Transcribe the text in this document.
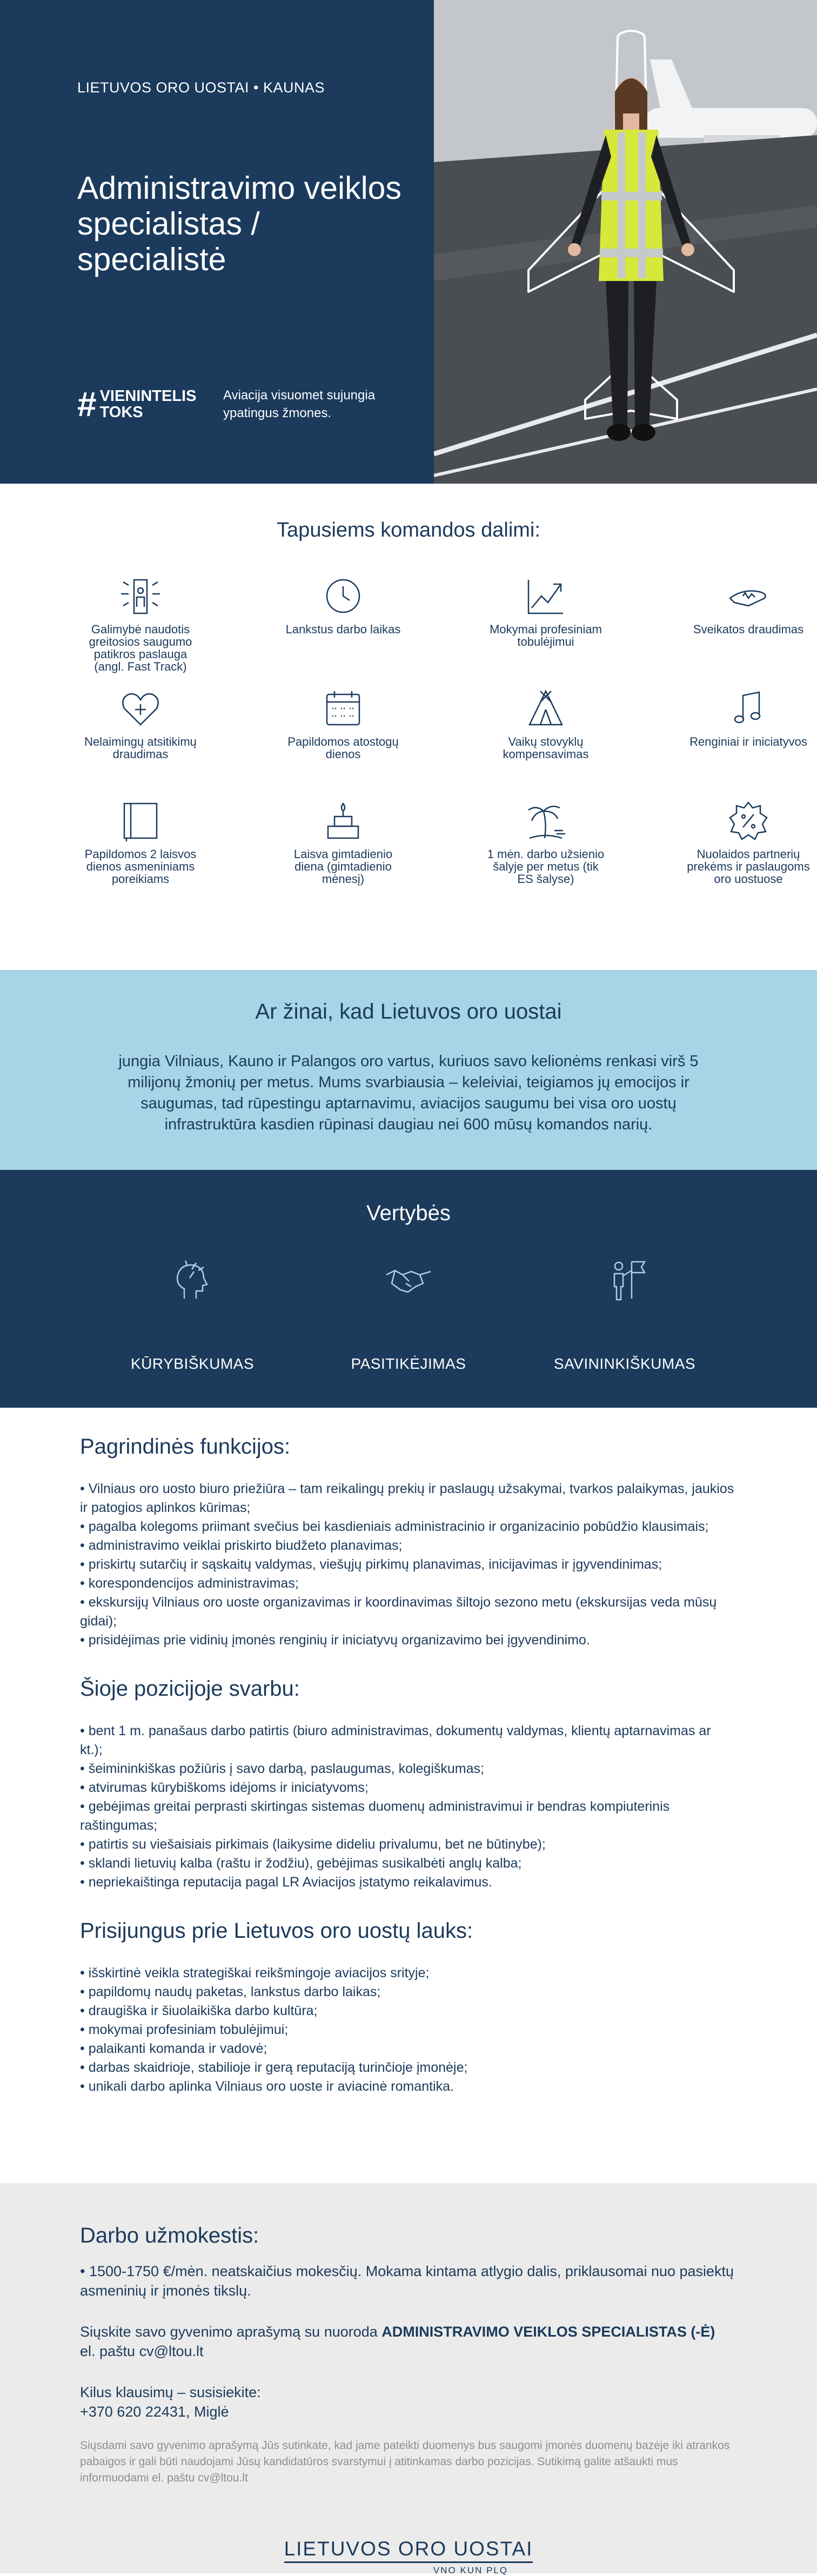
LIETUVOS ORO UOSTAI • KAUNAS
Administravimo veiklos specialistas / specialistė
# VIENINTELIS
TOKS
Aviacija visuomet sujungia ypatingus žmones.
Tapusiems komandos dalimi:
Galimybė naudotis greitosios saugumo patikros paslauga (angl. Fast Track)
Lankstus darbo laikas	Mokymai profesiniam tobulėjimui
Sveikatos draudimas
Nelaimingų atsitikimų draudimas
Papildomos atostogų dienos
Vaikų stovyklų kompensavimas
Renginiai ir iniciatyvos
Papildomos 2 laisvos dienos asmeniniams poreikiams
Laisva gimtadienio diena (gimtadienio mėnesį)
1 mėn. darbo užsienio šalyje per metus (tik ES šalyse)
Nuolaidos partnerių prekėms ir paslaugoms oro uostuose
Ar žinai, kad Lietuvos oro uostai

jungia Vilniaus, Kauno ir Palangos oro vartus, kuriuos savo kelionėms renkasi virš 5 milijonų žmonių per metus. Mums svarbiausia – keleiviai, teigiamos jų emocijos ir saugumas, tad rūpestingu aptarnavimu, aviacijos saugumu bei visa oro uostų infrastruktūra kasdien rūpinasi daugiau nei 600 mūsų komandos narių.

Vertybės
KŪRYBIŠKUMAS	PASITIKĖJIMAS	SAVININKIŠKUMAS
Pagrindinės funkcijos:
• Vilniaus oro uosto biuro priežiūra – tam reikalingų prekių ir paslaugų užsakymai, tvarkos palaikymas, jaukios ir patogios aplinkos kūrimas;
• pagalba kolegoms priimant svečius bei kasdieniais administracinio ir organizacinio pobūdžio klausimais;
• administravimo veiklai priskirto biudžeto planavimas;
• priskirtų sutarčių ir sąskaitų valdymas, viešųjų pirkimų planavimas, inicijavimas ir įgyvendinimas;
• korespondencijos administravimas;
• ekskursijų Vilniaus oro uoste organizavimas ir koordinavimas šiltojo sezono metu (ekskursijas veda mūsų gidai);
• prisidėjimas prie vidinių įmonės renginių ir iniciatyvų organizavimo bei įgyvendinimo.
Šioje pozicijoje svarbu:
• bent 1 m. panašaus darbo patirtis (biuro administravimas, dokumentų valdymas, klientų aptarnavimas ar kt.);
• šeimininkiškas požiūris į savo darbą, paslaugumas, kolegiškumas;
• atvirumas kūrybiškoms idėjoms ir iniciatyvoms;
• gebėjimas greitai perprasti skirtingas sistemas duomenų administravimui ir bendras kompiuterinis raštingumas;
• patirtis su viešaisiais pirkimais (laikysime dideliu privalumu, bet ne būtinybe);
• sklandi lietuvių kalba (raštu ir žodžiu), gebėjimas susikalbėti anglų kalba;
• nepriekaištinga reputacija pagal LR Aviacijos įstatymo reikalavimus.
Prisijungus prie Lietuvos oro uostų lauks:
• išskirtinė veikla strategiškai reikšmingoje aviacijos srityje;
• papildomų naudų paketas, lankstus darbo laikas;
• draugiška ir šiuolaikiška darbo kultūra;
• mokymai profesiniam tobulėjimui;
• palaikanti komanda ir vadovė;
• darbas skaidrioje, stabilioje ir gerą reputaciją turinčioje įmonėje;
• unikali darbo aplinka Vilniaus oro uoste ir aviacinė romantika.
Darbo užmokestis:

• 1500-1750 €/mėn. neatskaičius mokesčių. Mokama kintama atlygio dalis, priklausomai nuo pasiektų asmeninių ir įmonės tikslų.

Siųskite savo gyvenimo aprašymą su nuoroda ADMINISTRAVIMO VEIKLOS SPECIALISTAS (-Ė)
el. paštu cv@ltou.lt

Kilus klausimų – susisiekite:
+370 620 22431, Miglė

Siųsdami savo gyvenimo aprašymą Jūs sutinkate, kad jame pateikti duomenys bus saugomi įmonės duomenų bazėje iki atrankos pabaigos ir gali būti naudojami Jūsų kandidatūros svarstymui į atitinkamas darbo pozicijas. Sutikimą galite atšaukti mus informuodami el. paštu cv@ltou.lt

LIETUVOS ORO UOSTAI
VNO KUN PLQ
